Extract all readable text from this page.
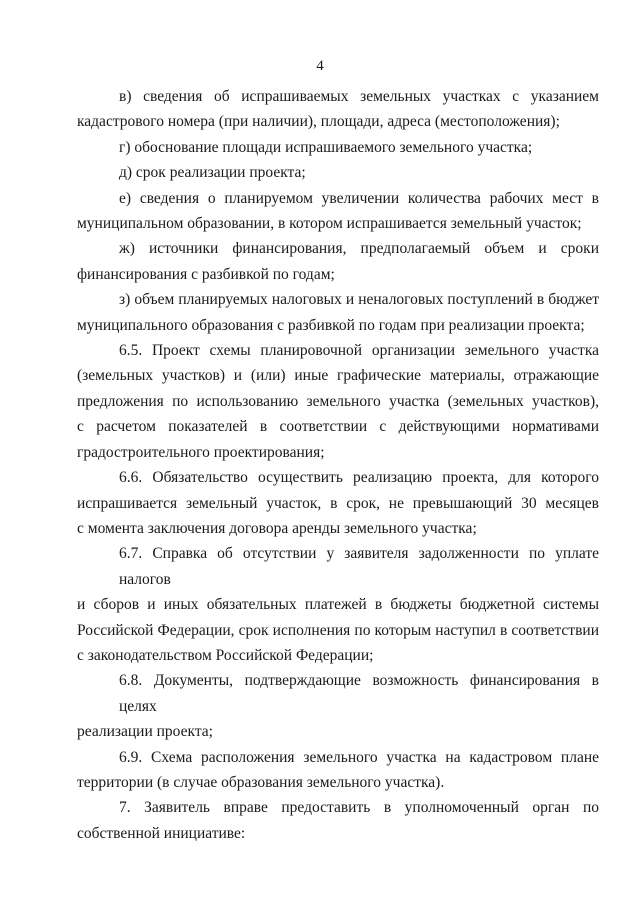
4
в) сведения об испрашиваемых земельных участках с указанием
кадастрового номера (при наличии), площади, адреса (местоположения);
г) обоснование площади испрашиваемого земельного участка;
д) срок реализации проекта;
е) сведения о планируемом увеличении количества рабочих мест в
муниципальном образовании, в котором испрашивается земельный участок;
ж) источники финансирования, предполагаемый объем и сроки
финансирования с разбивкой по годам;
з) объем планируемых налоговых и неналоговых поступлений в бюджет
муниципального образования с разбивкой по годам при реализации проекта;
6.5. Проект схемы планировочной организации земельного участка
(земельных участков) и (или) иные графические материалы, отражающие
предложения по использованию земельного участка (земельных участков),
с расчетом показателей в соответствии с действующими нормативами
градостроительного проектирования;
6.6. Обязательство осуществить реализацию проекта, для которого
испрашивается земельный участок, в срок, не превышающий 30 месяцев
с момента заключения договора аренды земельного участка;
6.7. Справка об отсутствии у заявителя задолженности по уплате налогов
и сборов и иных обязательных платежей в бюджеты бюджетной системы
Российской Федерации, срок исполнения по которым наступил в соответствии
с законодательством Российской Федерации;
6.8. Документы, подтверждающие возможность финансирования в целях
реализации проекта;
6.9. Схема расположения земельного участка на кадастровом плане
территории (в случае образования земельного участка).
7. Заявитель вправе предоставить в уполномоченный орган по
собственной инициативе:
